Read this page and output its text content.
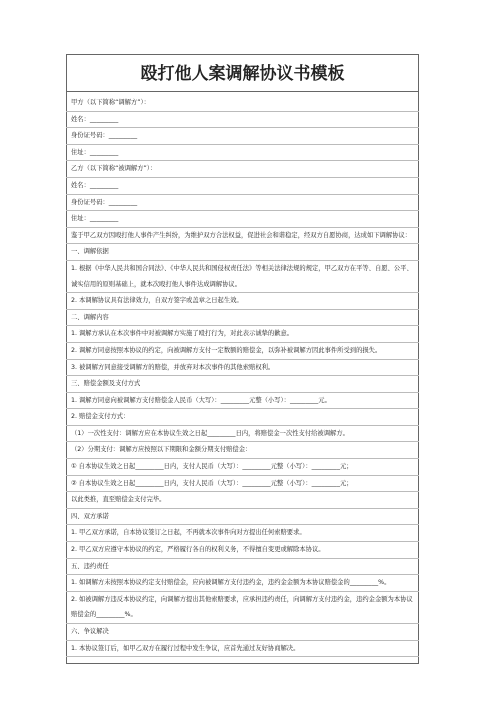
殴打他人案调解协议书模板
甲方（以下简称“调解方”）：
姓名：_________
身份证号码：_________
住址：_________
乙方（以下简称“被调解方”）：
姓名：_________
身份证号码：_________
住址：_________
鉴于甲乙双方因殴打他人事件产生纠纷，为维护双方合法权益，促进社会和谐稳定，经双方自愿协商，达成如下调解协议：
一、调解依据
1. 根据《中华人民共和国合同法》、《中华人民共和国侵权责任法》等相关法律法规的规定，甲乙双方在平等、自愿、公平、诚实信用的原则基础上，就本次殴打他人事件达成调解协议。
2. 本调解协议具有法律效力，自双方签字或盖章之日起生效。
二、调解内容
1. 调解方承认在本次事件中对被调解方实施了殴打行为，对此表示诚挚的歉意。
2. 调解方同意按照本协议的约定，向被调解方支付一定数额的赔偿金，以弥补被调解方因此事件所受到的损失。
3. 被调解方同意接受调解方的赔偿，并放弃对本次事件的其他索赔权利。
三、赔偿金额及支付方式
1. 调解方同意向被调解方支付赔偿金人民币（大写）：_________元整（小写）：_________元。
2. 赔偿金支付方式：
（1）一次性支付：调解方应在本协议生效之日起_________日内，将赔偿金一次性支付给被调解方。
（2）分期支付：调解方应按照以下期限和金额分期支付赔偿金：
① 自本协议生效之日起_________日内，支付人民币（大写）：_________元整（小写）：_________元；
② 自本协议生效之日起_________日内，支付人民币（大写）：_________元整（小写）：_________元；
以此类推，直至赔偿金支付完毕。
四、双方承诺
1. 甲乙双方承诺，自本协议签订之日起，不再就本次事件向对方提出任何索赔要求。
2. 甲乙双方应遵守本协议的约定，严格履行各自的权利义务，不得擅自变更或解除本协议。
五、违约责任
1. 如调解方未按照本协议约定支付赔偿金，应向被调解方支付违约金，违约金金额为本协议赔偿金的_________%。
2. 如被调解方违反本协议约定，向调解方提出其他索赔要求，应承担违约责任，向调解方支付违约金，违约金金额为本协议赔偿金的_________%。
六、争议解决
1. 本协议签订后，如甲乙双方在履行过程中发生争议，应首先通过友好协商解决。
